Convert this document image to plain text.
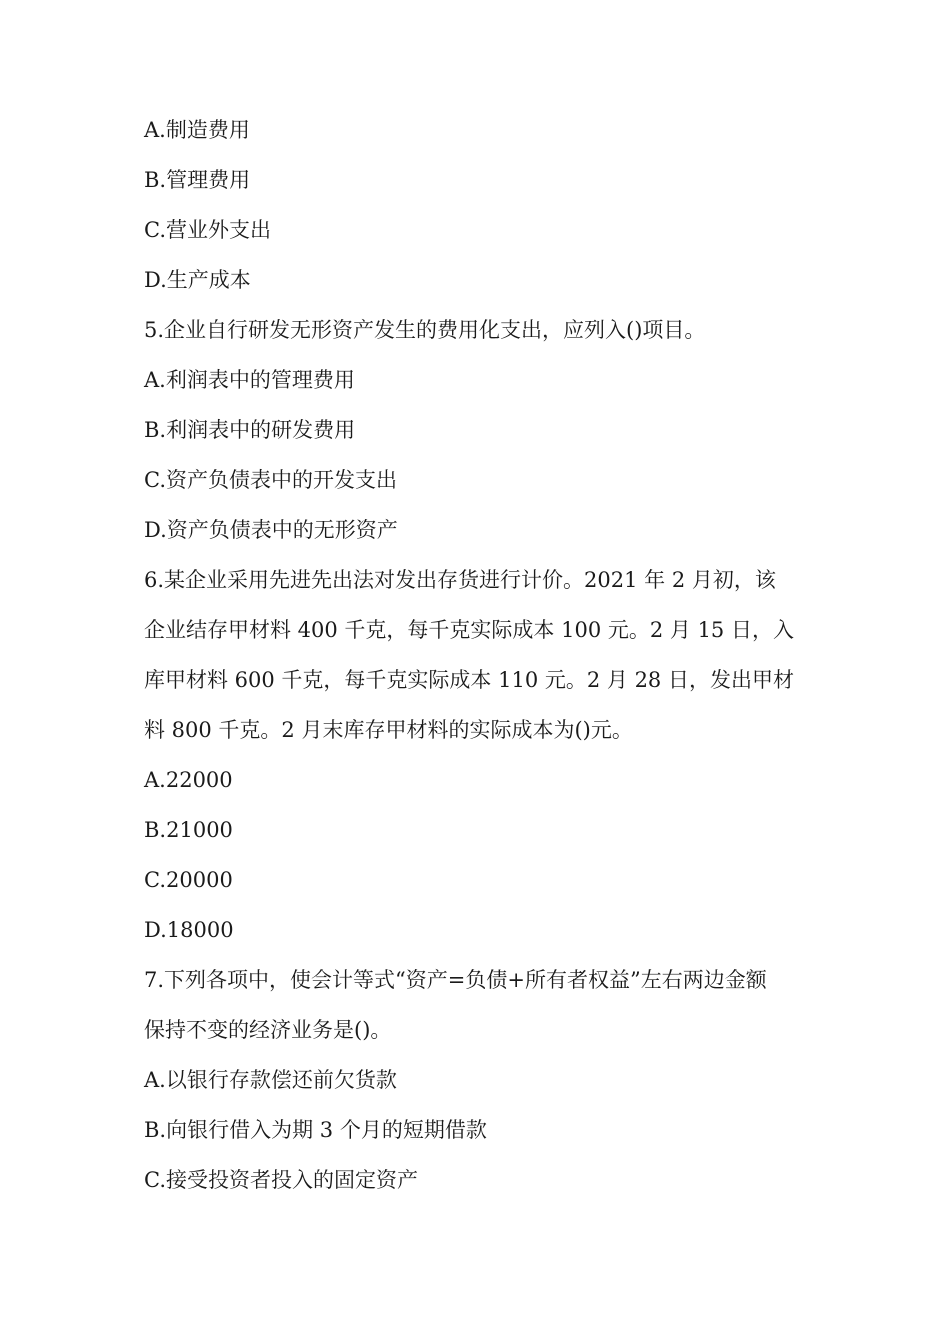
A.制造费用
B.管理费用
C.营业外支出
D.生产成本
5.企业自行研发无形资产发生的费用化支出，应列入()项目。
A.利润表中的管理费用
B.利润表中的研发费用
C.资产负债表中的开发支出
D.资产负债表中的无形资产
6.某企业采用先进先出法对发出存货进行计价。2021 年 2 月初，该
企业结存甲材料 400 千克，每千克实际成本 100 元。2 月 15 日，入
库甲材料 600 千克，每千克实际成本 110 元。2 月 28 日，发出甲材
料 800 千克。2 月末库存甲材料的实际成本为()元。
A.22000
B.21000
C.20000
D.18000
7.下列各项中，使会计等式“资产=负债+所有者权益”左右两边金额
保持不变的经济业务是()。
A.以银行存款偿还前欠货款
B.向银行借入为期 3 个月的短期借款
C.接受投资者投入的固定资产
